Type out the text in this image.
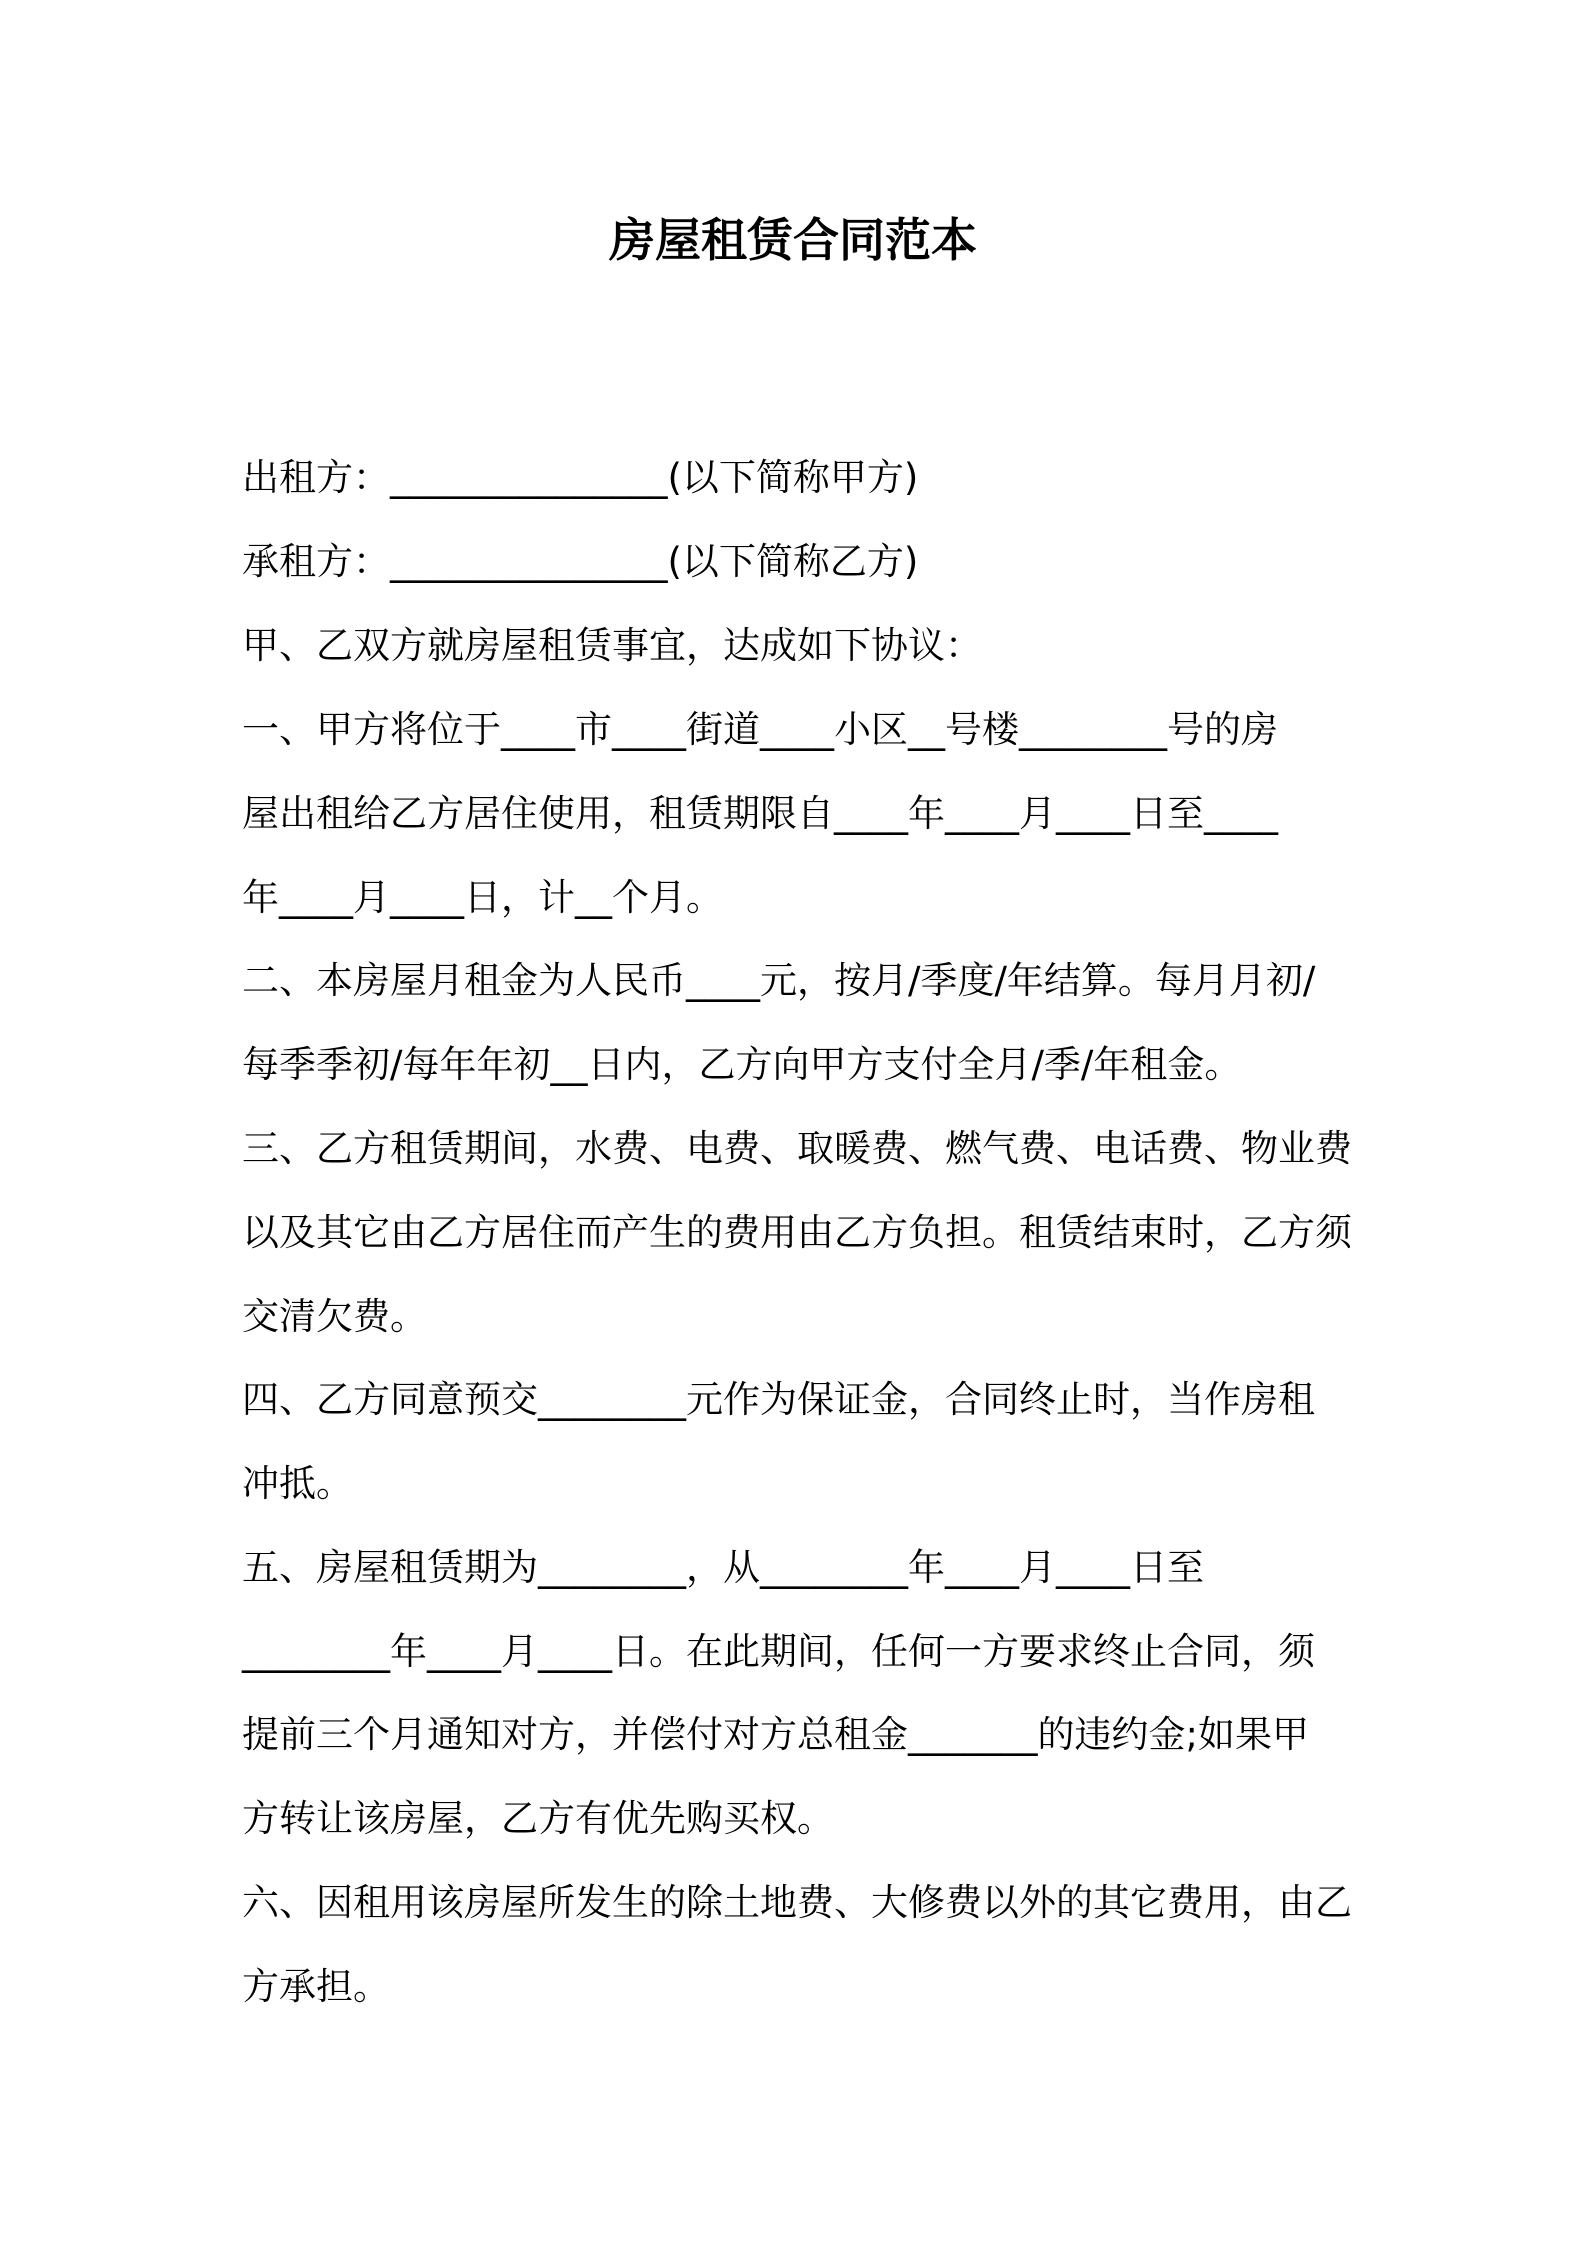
房屋租赁合同范本
出租方：_______________(以下简称甲方)
承租方：_______________(以下简称乙方)
甲、乙双方就房屋租赁事宜，达成如下协议：
一、甲方将位于____市____街道____小区__号楼________号的房
屋出租给乙方居住使用，租赁期限自____年____月____日至____
年____月____日，计__个月。
二、本房屋月租金为人民币____元，按月/季度/年结算。每月月初/
每季季初/每年年初__日内，乙方向甲方支付全月/季/年租金。
三、乙方租赁期间，水费、电费、取暖费、燃气费、电话费、物业费
以及其它由乙方居住而产生的费用由乙方负担。租赁结束时，乙方须
交清欠费。
四、乙方同意预交________元作为保证金，合同终止时，当作房租
冲抵。
五、房屋租赁期为________，从________年____月____日至
________年____月____日。在此期间，任何一方要求终止合同，须
提前三个月通知对方，并偿付对方总租金_______的违约金;如果甲
方转让该房屋，乙方有优先购买权。
六、因租用该房屋所发生的除土地费、大修费以外的其它费用，由乙
方承担。
